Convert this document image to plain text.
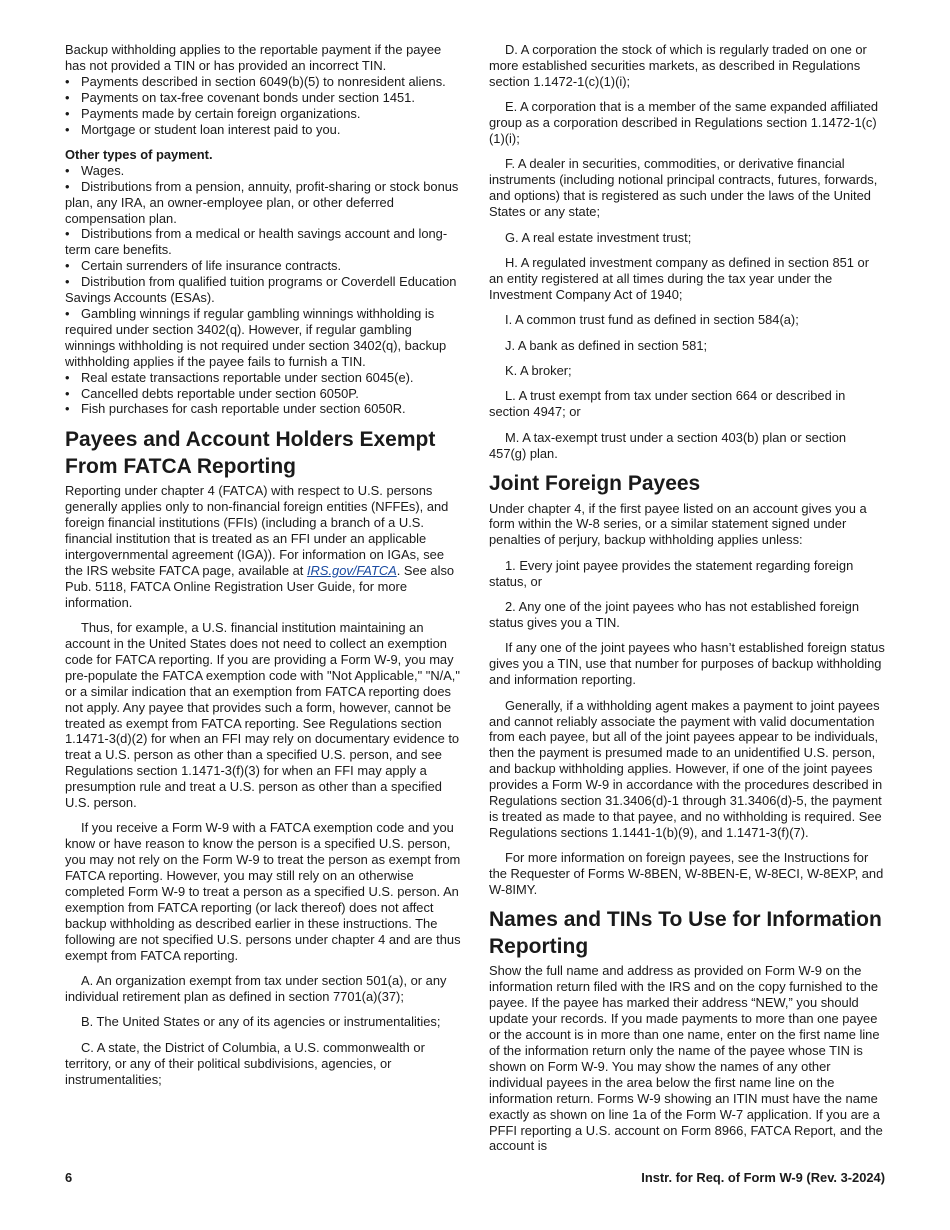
Backup withholding applies to the reportable payment if the payee has not provided a TIN or has provided an incorrect TIN.

• Payments described in section 6049(b)(5) to nonresident aliens.
• Payments on tax-free covenant bonds under section 1451.
• Payments made by certain foreign organizations.
• Mortgage or student loan interest paid to you.
Other types of payment.
• Wages.
• Distributions from a pension, annuity, profit-sharing or stock bonus plan, any IRA, an owner-employee plan, or other deferred compensation plan.
• Distributions from a medical or health savings account and long-term care benefits.
• Certain surrenders of life insurance contracts.
• Distribution from qualified tuition programs or Coverdell Education Savings Accounts (ESAs).
• Gambling winnings if regular gambling winnings withholding is required under section 3402(q). However, if regular gambling winnings withholding is not required under section 3402(q), backup withholding applies if the payee fails to furnish a TIN.
• Real estate transactions reportable under section 6045(e).
• Cancelled debts reportable under section 6050P.
• Fish purchases for cash reportable under section 6050R.
Payees and Account Holders Exempt From FATCA Reporting

Reporting under chapter 4 (FATCA) with respect to U.S. persons generally applies only to non-financial foreign entities (NFFEs), and foreign financial institutions (FFIs) (including a branch of a U.S. financial institution that is treated as an FFI under an applicable intergovernmental agreement (IGA)). For information on IGAs, see the IRS website FATCA page, available at IRS.gov/FATCA. See also Pub. 5118, FATCA Online Registration User Guide, for more information.

Thus, for example, a U.S. financial institution maintaining an account in the United States does not need to collect an exemption code for FATCA reporting. If you are providing a Form W-9, you may pre-populate the FATCA exemption code with "Not Applicable," "N/A," or a similar indication that an exemption from FATCA reporting does not apply. Any payee that provides such a form, however, cannot be treated as exempt from FATCA reporting. See Regulations section 1.1471-3(d)(2) for when an FFI may rely on documentary evidence to treat a U.S. person as other than a specified U.S. person, and see Regulations section 1.1471-3(f)(3) for when an FFI may apply a presumption rule and treat a U.S. person as other than a specified U.S. person.

If you receive a Form W-9 with a FATCA exemption code and you know or have reason to know the person is a specified U.S. person, you may not rely on the Form W-9 to treat the person as exempt from FATCA reporting. However, you may still rely on an otherwise completed Form W-9 to treat a person as a specified U.S. person. An exemption from FATCA reporting (or lack thereof) does not affect backup withholding as described earlier in these instructions. The following are not specified U.S. persons under chapter 4 and are thus exempt from FATCA reporting.

A. An organization exempt from tax under section 501(a), or any individual retirement plan as defined in section 7701(a)(37);

B. The United States or any of its agencies or instrumentalities;

C. A state, the District of Columbia, a U.S. commonwealth or territory, or any of their political subdivisions, agencies, or instrumentalities;

D. A corporation the stock of which is regularly traded on one or more established securities markets, as described in Regulations section 1.1472-1(c)(1)(i);

E. A corporation that is a member of the same expanded affiliated group as a corporation described in Regulations section 1.1472-1(c)(1)(i);

F. A dealer in securities, commodities, or derivative financial instruments (including notional principal contracts, futures, forwards, and options) that is registered as such under the laws of the United States or any state;

G. A real estate investment trust;

H. A regulated investment company as defined in section 851 or an entity registered at all times during the tax year under the Investment Company Act of 1940;

I. A common trust fund as defined in section 584(a);

J. A bank as defined in section 581;

K. A broker;

L. A trust exempt from tax under section 664 or described in section 4947; or

M. A tax-exempt trust under a section 403(b) plan or section 457(g) plan.

Joint Foreign Payees

Under chapter 4, if the first payee listed on an account gives you a form within the W-8 series, or a similar statement signed under penalties of perjury, backup withholding applies unless:

1. Every joint payee provides the statement regarding foreign status, or

2. Any one of the joint payees who has not established foreign status gives you a TIN.

If any one of the joint payees who hasn’t established foreign status gives you a TIN, use that number for purposes of backup withholding and information reporting.

Generally, if a withholding agent makes a payment to joint payees and cannot reliably associate the payment with valid documentation from each payee, but all of the joint payees appear to be individuals, then the payment is presumed made to an unidentified U.S. person, and backup withholding applies. However, if one of the joint payees provides a Form W-9 in accordance with the procedures described in Regulations section 31.3406(d)-1 through 31.3406(d)-5, the payment is treated as made to that payee, and no withholding is required. See Regulations sections 1.1441-1(b)(9), and 1.1471-3(f)(7).

For more information on foreign payees, see the Instructions for the Requester of Forms W-8BEN, W-8BEN-E, W-8ECI, W-8EXP, and W-8IMY.

Names and TINs To Use for Information Reporting

Show the full name and address as provided on Form W-9 on the information return filed with the IRS and on the copy furnished to the payee. If the payee has marked their address “NEW,” you should update your records. If you made payments to more than one payee or the account is in more than one name, enter on the first name line of the information return only the name of the payee whose TIN is shown on Form W-9. You may show the names of any other individual payees in the area below the first name line on the information return. Forms W-9 showing an ITIN must have the name exactly as shown on line 1a of the Form W-7 application. If you are a PFFI reporting a U.S. account on Form 8966, FATCA Report, and the account is

6	Instr. for Req. of Form W-9 (Rev. 3-2024)
